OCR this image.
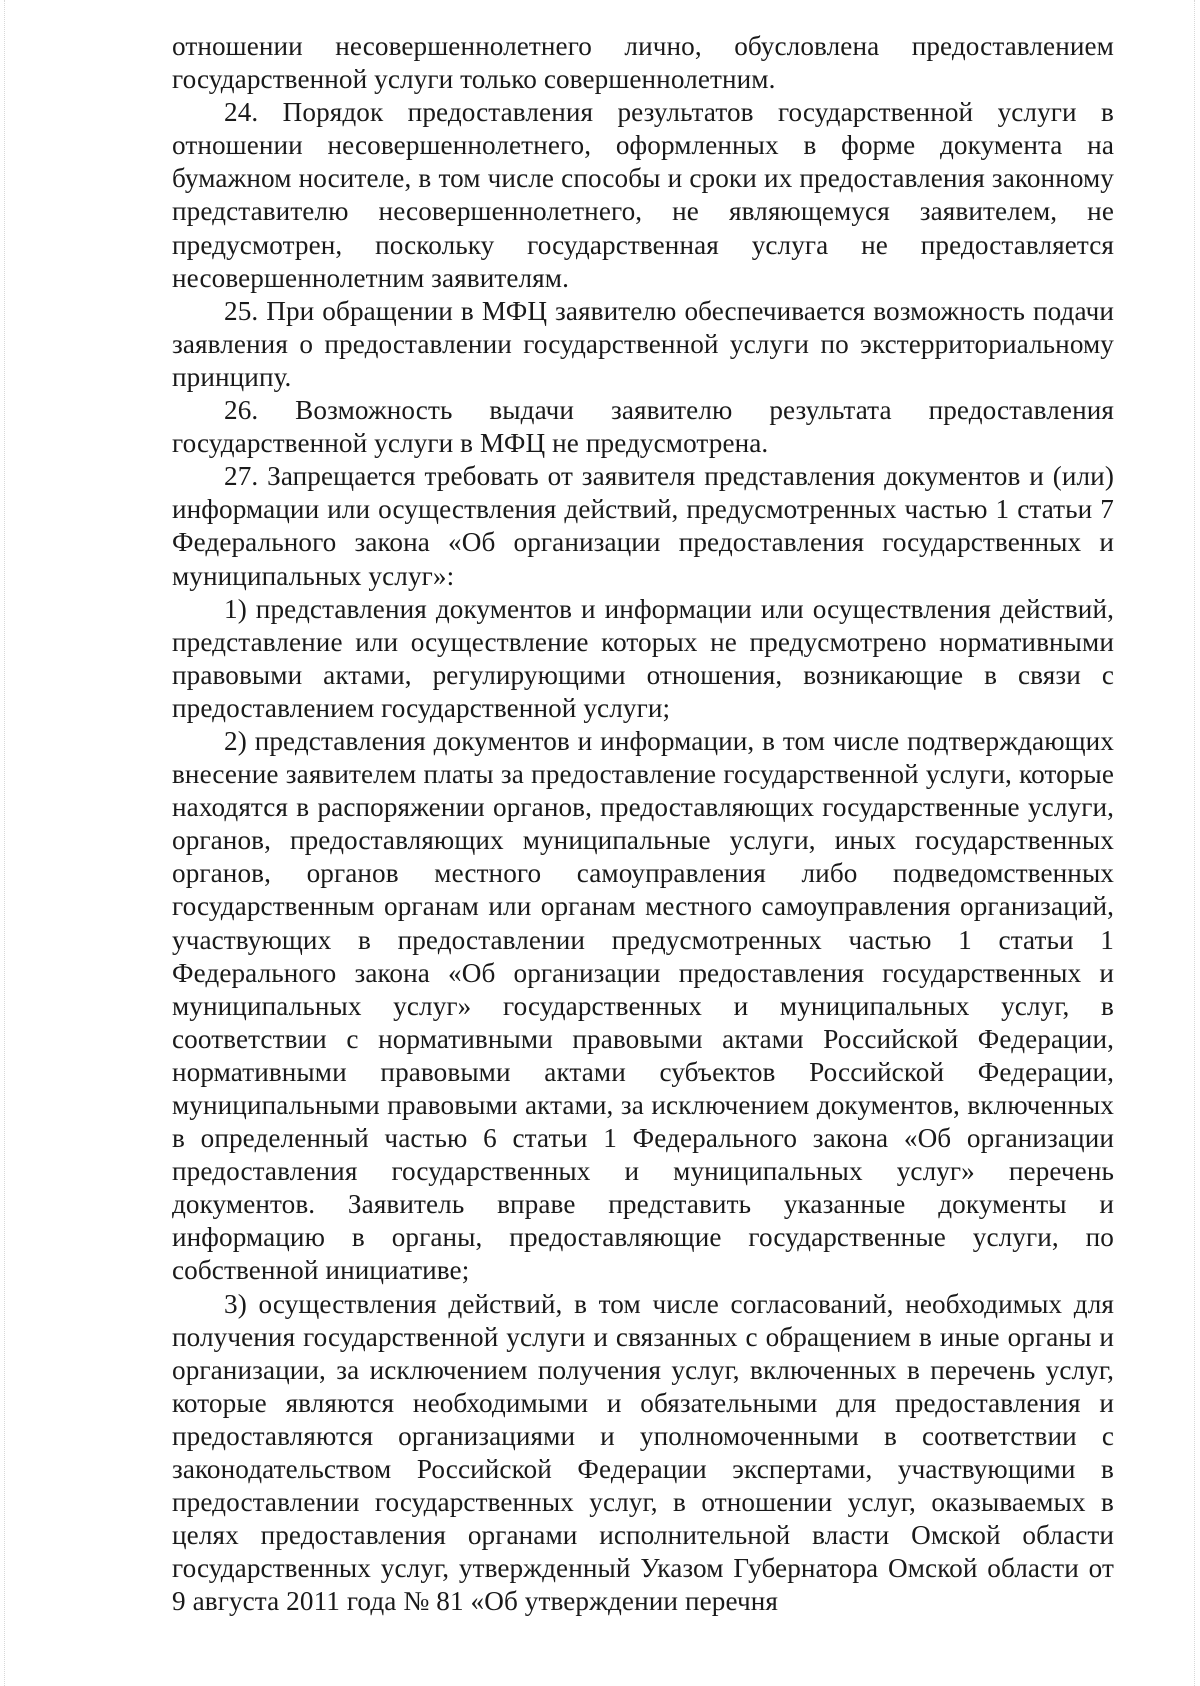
отношении несовершеннолетнего лично, обусловлена предоставлением государственной услуги только совершеннолетним.

24. Порядок предоставления результатов государственной услуги в отношении несовершеннолетнего, оформленных в форме документа на бумажном носителе, в том числе способы и сроки их предоставления законному представителю несовершеннолетнего, не являющемуся заявителем, не предусмотрен, поскольку государственная услуга не предоставляется несовершеннолетним заявителям.

25. При обращении в МФЦ заявителю обеспечивается возможность подачи заявления о предоставлении государственной услуги по экстерриториальному принципу.

26. Возможность выдачи заявителю результата предоставления государственной услуги в МФЦ не предусмотрена.

27. Запрещается требовать от заявителя представления документов и (или) информации или осуществления действий, предусмотренных частью 1 статьи 7 Федерального закона «Об организации предоставления государственных и муниципальных услуг»:

1) представления документов и информации или осуществления действий, представление или осуществление которых не предусмотрено нормативными правовыми актами, регулирующими отношения, возникающие в связи с предоставлением государственной услуги;

2) представления документов и информации, в том числе подтверждающих внесение заявителем платы за предоставление государственной услуги, которые находятся в распоряжении органов, предоставляющих государственные услуги, органов, предоставляющих муниципальные услуги, иных государственных органов, органов местного самоуправления либо подведомственных государственным органам или органам местного самоуправления организаций, участвующих в предоставлении предусмотренных частью 1 статьи 1 Федерального закона «Об организации предоставления государственных и муниципальных услуг» государственных и муниципальных услуг, в соответствии с нормативными правовыми актами Российской Федерации, нормативными правовыми актами субъектов Российской Федерации, муниципальными правовыми актами, за исключением документов, включенных в определенный частью 6 статьи 1 Федерального закона «Об организации предоставления государственных и муниципальных услуг» перечень документов. Заявитель вправе представить указанные документы и информацию в органы, предоставляющие государственные услуги, по собственной инициативе;

3) осуществления действий, в том числе согласований, необходимых для получения государственной услуги и связанных с обращением в иные органы и организации, за исключением получения услуг, включенных в перечень услуг, которые являются необходимыми и обязательными для предоставления и предоставляются организациями и уполномоченными в соответствии с законодательством Российской Федерации экспертами, участвующими в предоставлении государственных услуг, в отношении услуг, оказываемых в целях предоставления органами исполнительной власти Омской области государственных услуг, утвержденный Указом Губернатора Омской области от 9 августа 2011 года № 81 «Об утверждении перечня
